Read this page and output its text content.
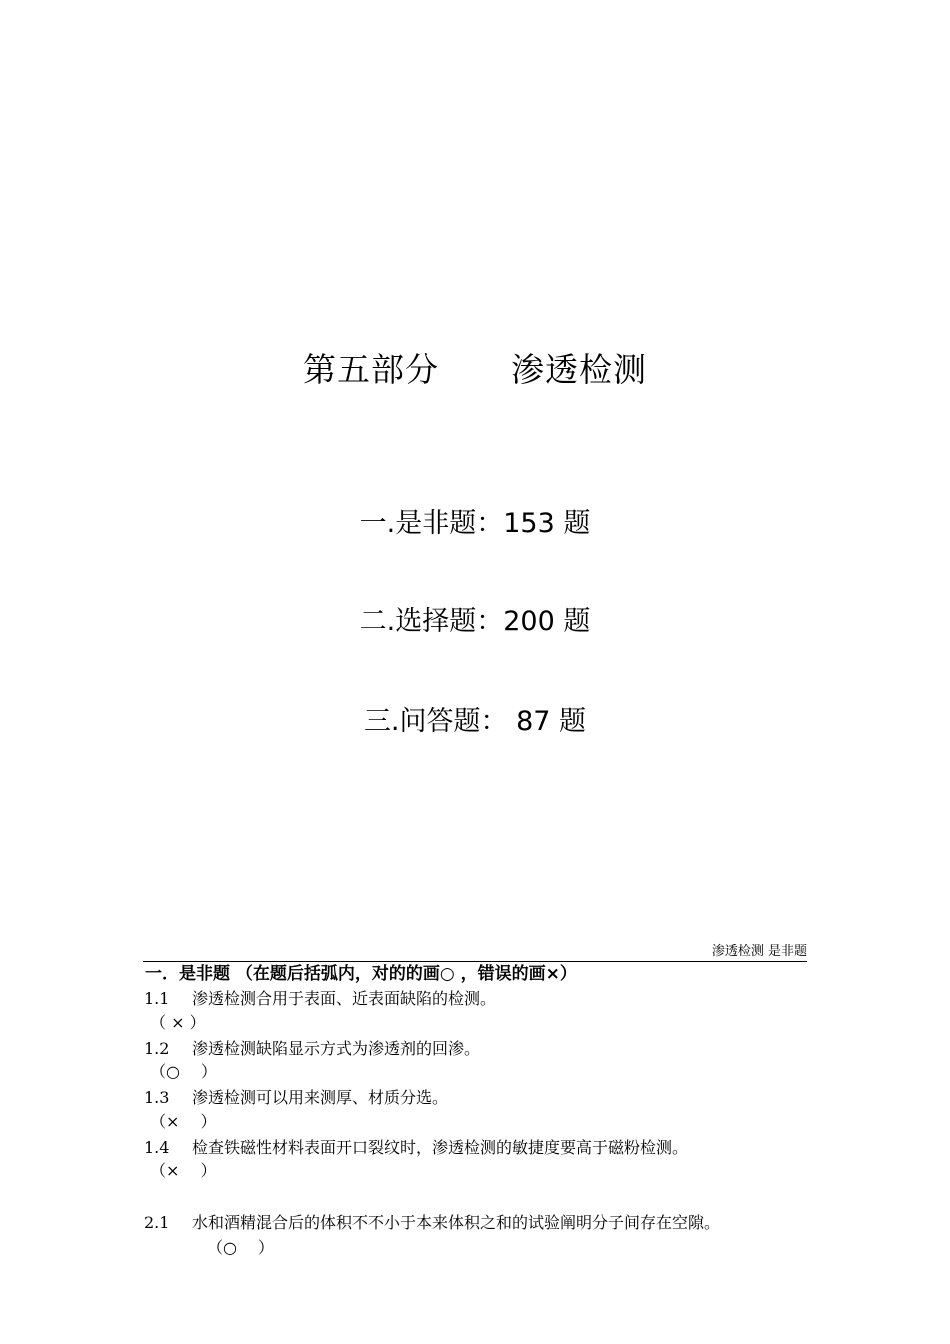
第五部分 渗透检测

一.是非题：153 题

二.选择题：200 题

三.问答题： 87 题

渗透检测 是非题
一．是非题 （在题后括弧内，对的的画○ ，错误的画×）
1.1 渗透检测合用于表面、近表面缺陷的检测。
（ × ）
1.2 渗透检测缺陷显示方式为渗透剂的回渗。
（○　 ）
1.3 渗透检测可以用来测厚、材质分选。
（×　 ）
1.4 检查铁磁性材料表面开口裂纹时，渗透检测的敏捷度要高于磁粉检测。
（×　 ）
2.1 水和酒精混合后的体积不不小于本来体积之和的试验阐明分子间存在空隙。
（○　 ）
